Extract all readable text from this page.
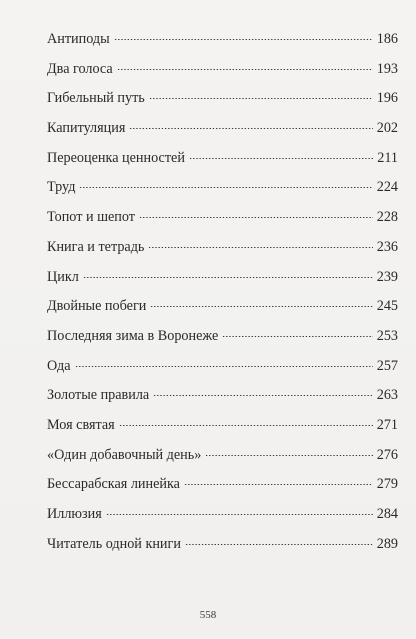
Антиподы	186
Два голоса	193
Гибельный путь	196
Капитуляция	202
Переоценка ценностей	211
Труд	224
Топот и шепот	228
Книга и тетрадь	236
Цикл	239
Двойные побеги	245
Последняя зима в Воронеже	253
Ода	257
Золотые правила	263
Моя святая	271
«Один добавочный день»	276
Бессарабская линейка	279
Иллюзия	284
Читатель одной книги	289
558
